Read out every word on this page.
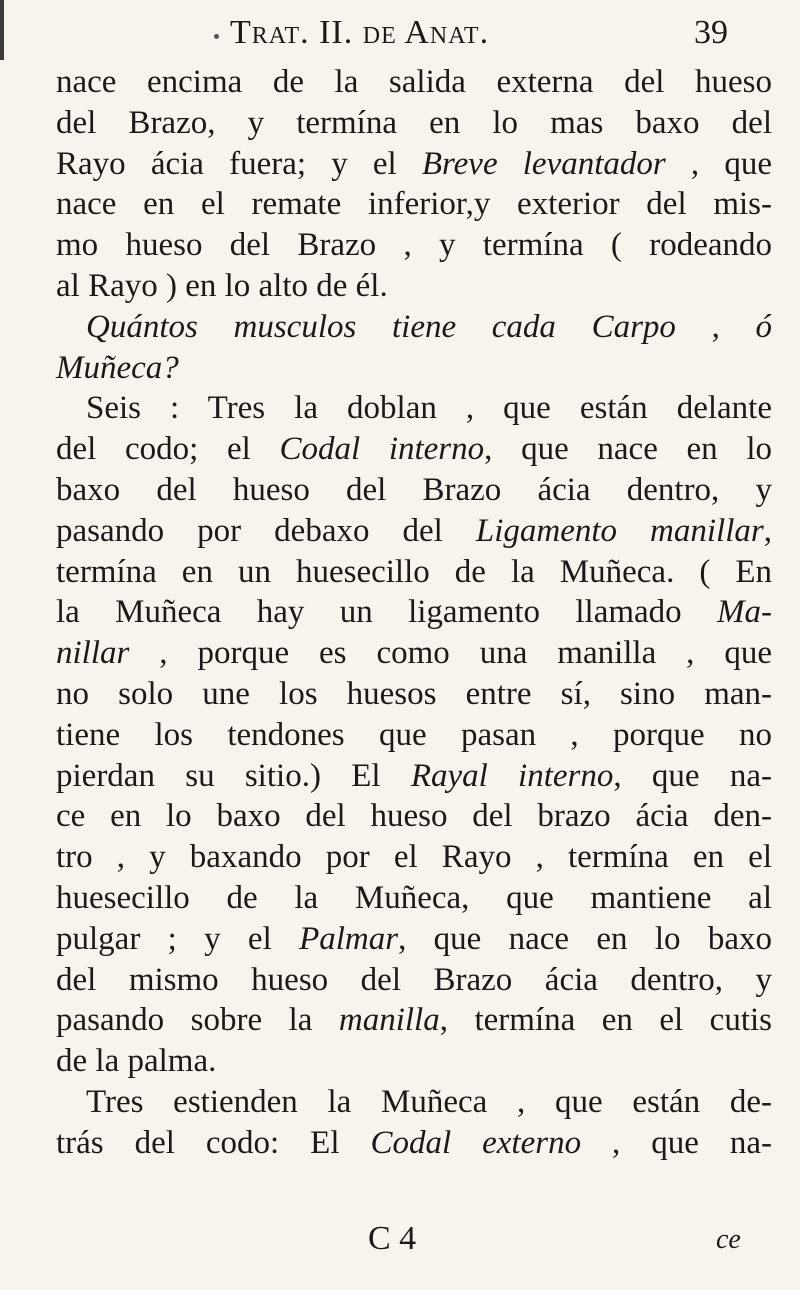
Trat. II. de Anat.	39
nace encima de la salida externa del hueso
del Brazo, y termína en lo mas baxo del
Rayo ácia fuera; y el Breve levantador , que
nace en el remate inferior,y exterior del mis-
mo hueso del Brazo , y termína ( rodeando
al Rayo ) en lo alto de él.
Quántos musculos tiene cada Carpo , ó
Muñeca?
Seis : Tres la doblan , que están delante
del codo; el Codal interno, que nace en lo
baxo del hueso del Brazo ácia dentro, y
pasando por debaxo del Ligamento manillar,
termína en un huesecillo de la Muñeca. ( En
la Muñeca hay un ligamento llamado Ma-
nillar , porque es como una manilla , que
no solo une los huesos entre sí, sino man-
tiene los tendones que pasan , porque no
pierdan su sitio.) El Rayal interno, que na-
ce en lo baxo del hueso del brazo ácia den-
tro , y baxando por el Rayo , termína en el
huesecillo de la Muñeca, que mantiene al
pulgar ; y el Palmar, que nace en lo baxo
del mismo hueso del Brazo ácia dentro, y
pasando sobre la manilla, termína en el cutis
de la palma.
Tres estienden la Muñeca , que están de-
trás del codo: El Codal externo , que na-
C 4	ce
